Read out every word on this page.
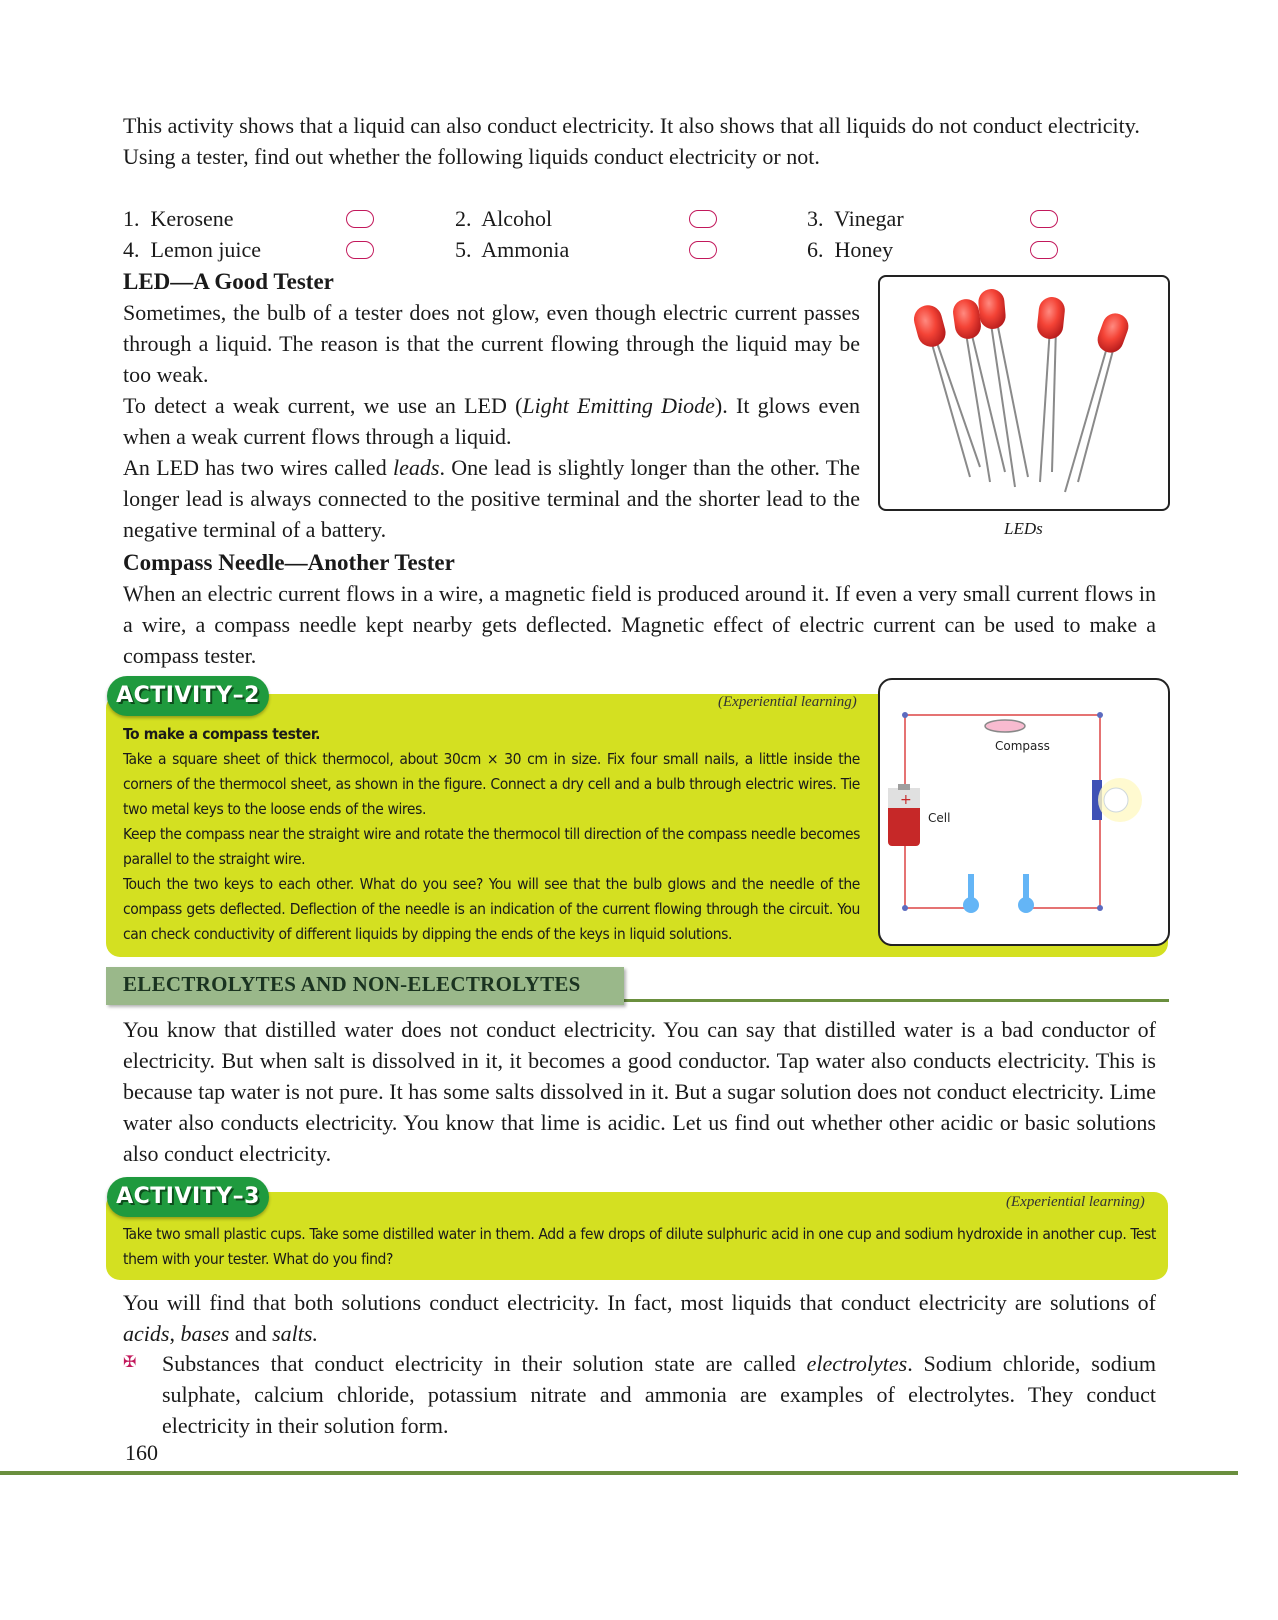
This activity shows that a liquid can also conduct electricity. It also shows that all liquids do not conduct electricity.
Using a tester, find out whether the following liquids conduct electricity or not.
1. Kerosene	2. Alcohol	3. Vinegar
4. Lemon juice	5. Ammonia	6. Honey
LED—A Good Tester
Sometimes, the bulb of a tester does not glow, even though electric current passes through a liquid. The reason is that the current flowing through the liquid may be too weak.
To detect a weak current, we use an LED (Light Emitting Diode). It glows even when a weak current flows through a liquid.
An LED has two wires called leads. One lead is slightly longer than the other. The longer lead is always connected to the positive terminal and the shorter lead to the negative terminal of a battery.	LEDs
Compass Needle—Another Tester
When an electric current flows in a wire, a magnetic field is produced around it. If even a very small current flows in a wire, a compass needle kept nearby gets deflected. Magnetic effect of electric current can be used to make a compass tester.
ACTIVITY–2	(Experiential learning)
To make a compass tester.
Take a square sheet of thick thermocol, about 30cm × 30 cm in size. Fix four small nails, a little inside the corners of the thermocol sheet, as shown in the figure. Connect a dry cell and a bulb through electric wires. Tie two metal keys to the loose ends of the wires.
Keep the compass near the straight wire and rotate the thermocol till direction of the compass needle becomes parallel to the straight wire.
Touch the two keys to each other. What do you see? You will see that the bulb glows and the needle of the compass gets deflected. Deflection of the needle is an indication of the current flowing through the circuit. You can check conductivity of different liquids by dipping the ends of the keys in liquid solutions.
Compass
+
Cell
ELECTROLYTES AND NON-ELECTROLYTES
You know that distilled water does not conduct electricity. You can say that distilled water is a bad conductor of electricity. But when salt is dissolved in it, it becomes a good conductor. Tap water also conducts electricity. This is because tap water is not pure. It has some salts dissolved in it. But a sugar solution does not conduct electricity. Lime water also conducts electricity. You know that lime is acidic. Let us find out whether other acidic or basic solutions also conduct electricity.
ACTIVITY–3	(Experiential learning)
Take two small plastic cups. Take some distilled water in them. Add a few drops of dilute sulphuric acid in one cup and sodium hydroxide in another cup. Test them with your tester. What do you find?
You will find that both solutions conduct electricity. In fact, most liquids that conduct electricity are solutions of acids, bases and salts.
✠ Substances that conduct electricity in their solution state are called electrolytes. Sodium chloride, sodium sulphate, calcium chloride, potassium nitrate and ammonia are examples of electrolytes. They conduct electricity in their solution form.
160
